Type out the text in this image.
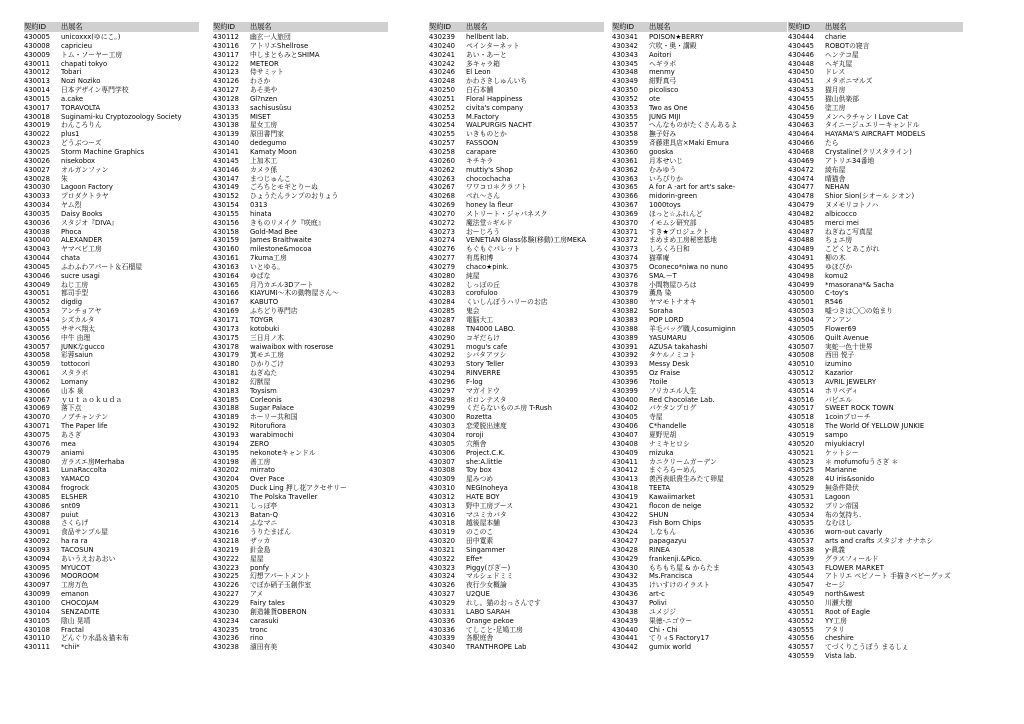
契約ID	出展名
430005	unicoxxx(ゆにこ。)
430008	capricieu
430009	トム・ソーヤー工房
430011	chapati tokyo
430012	Tobari
430013	Nozi Noziko
430014	日本デザイン専門学校
430015	a.cake
430017	TORAVOLTA
430018	Suginami-ku Cryptozoology Society
430019	わんころりん
430022	plus1
430023	どうぶつーズ
430025	Storm Machine Graphics
430026	nisekobox
430027	オルガンファン
430028	朱
430030	Lagoon Factory
430033	プロダクトラヤ
430034	ヤム烈
430035	Daisy Books
430036	スタジオ『DIVA』
430038	Phoca
430040	ALEXANDER
430043	ヤマベビ工房
430044	chata
430045	ふわふわアパート＆石榴屋
430046	sucre usagi
430049	ねじ工房
430051	都司手型
430052	digdig
430053	アンチョアヤ
430054	シズカルタ
430055	ササベ翔太
430056	中牛 由理
430057	JUNKなgucco
430058	彩蓉saiun
430059	tottocori
430061	スタラボ
430062	Lomany
430066	山本 泉
430067	ｙｕｔａｏｋｕｄａ
430069	落下点
430070	ノブチャンテン
430071	The Paper life
430075	あさぎ
430076	mea
430079	aniami
430080	ガラスエ房Merhaba
430081	LunaRaccolta
430083	YAMACO
430084	frogrock
430085	ELSHER
430086	snt09
430087	puiut
430088	さくらげ
430091	食品サンプル屋
430092	ha ra ra
430093	TACOSUN
430094	あいうえおあおい
430095	MYUCOT
430096	MOOROOM
430097	工房万色
430099	emanon
430100	CHOCOJAM
430104	SENZADITE
430105	陰山 晃靖
430108	Fractal
430110	どんぐり水晶＆猫未布
430111	*chii*
契約ID	出展名
430112	幽玄一人旅団
430116	アトリエShellrose
430117	中しまともみとSHIMA
430122	METEOR
430123	侍サミット
430126	わさか
430127	あそ美や
430128	Gl?nzen
430133	sachisusüsu
430135	MISET
430138	星女工房
430139	原田書門家
430140	dedegumo
430141	Kamaty Moon
430145	上加木工
430146	カメラ係
430147	まつじゅんこ
430149	ごろちとモギとりーぬ
430152	ひょうたんランプのおりょう
430154	0313
430155	hinata
430156	きものリメイク『咲庭』
430158	Gold-Mad Bee
430159	James Braithwaite
430160	milestone&mocoa
430161	7kuma工房
430163	いとゆる。
430164	ゆばな
430165	月乃カエル3Dアート
430166	KIAYUMI～木の動物屋さん～
430167	KABUTO
430169	ふちどり専門店
430171	TOYGR
430173	kotobuki
430175	三日月ノ木
430178	waiwaibox with roserose
430179	箕モエ工房
430180	ひかりごけ
430181	ねぎぬた
430182	幻獣屋
430183	Toysism
430185	Corleonis
430188	Sugar Palace
430189	ホーリー共和国
430192	Ritorufiora
430193	warabimochi
430194	ZERO
430195	nekonoteキャンドル
430198	善工房
430202	mirrato
430204	Over Pace
430205	Duck Ling 押し花アクセサリー
430210	The Polska Traveller
430211	しっぽ亭
430213	Batan-Q
430214	ふなマニ
430216	うりたまぱん
430218	ザッカ
430219	針金島
430222	星屋
430223	ponfy
430225	幻想アパートメント
430226	でぼか硝子玉創作室
430227	アメ
430229	Fairy tales
430230	創造雑貨OBERON
430234	carasuki
430235	tronc
430236	rino
430238	濱田有美
契約ID	出展名
430239	hellbent lab.
430240	ペインターネット
430241	あい・あーと
430242	多キャラ箱
430246	El Leon
430248	かわさきしゅんいち
430250	白石本舗
430251	Floral Happiness
430252	civita's company
430253	M.Factory
430254	WALPURGIS NACHT
430255	いきものとか
430257	FASSOON
430258	carapare
430260	キチキラ
430262	muttiy's Shop
430263	chocochacha
430267	ワワコロ＊クラフト
430268	ぺれ～さん
430269	honey la fleur
430270	ストリート・ジャパネスク
430272	魔法堂☆ギルド
430273	おーじろう
430274	VENETIAN Glass体験(移動)工房MEKA
430276	もぐもぐパレット
430277	有馬和博
430279	chaco★pink.
430280	純屋
430282	しっぽの丘
430283	corofuloo
430284	くいしんぼうハリーのお店
430285	鬼会
430287	電脳大工
430288	TN4000 LABO.
430290	コギだらけ
430291	mogu's cafe
430292	シバタアツシ
430293	Story Teller
430294	RINVERRE
430296	F-log
430297	マガイドウ
430298	ボロンテスタ
430299	くだらないものエ房 T-Rush
430300	Rozetta
430303	恋愛脱出速度
430304	roroji
430305	穴熊舎
430306	Project.C.K.
430307	she:A.little
430308	Toy box
430309	星みつめ
430310	NEGInoheya
430312	HATE BOY
430313	野中工房プース
430316	マユミカバタ
430318	越後屋本舗
430319	のこのこ
430320	田中寛素
430321	Singammer
430322	Effe*
430323	Piggy(ぴぎー)
430324	マルシェドミミ
430326	夜行少女概論
430327	U2QUE
430329	れし。猫のおっさんです
430331	LABO SARAH
430336	Orange pekoe
430336	てしこと-足鳩工房
430339	各駅庭舎
430340	TRANTHROPE Lab
契約ID	出展名
430341	POISON★BERRY
430342	穴吹・奥・講殿
430343	Aoitori
430345	ヘギラボ
430348	menmy
430349	紺野真弓
430350	picolisco
430352	ote
430353	Two as One
430355	JUNG MIJI
430357	へんなものがたくさんあるよ
430358	撫子好み
430359	斉藤建具店×Maki Emura
430360	gooska
430361	月本せいじ
430362	むみゆう
430363	いろぴりか
430365	A for A -art for art's sake-
430366	midorin-green
430367	1000toys
430369	ほっと☆ふれんど
430370	イモムシ研究部
430371	すき★プロジェクト
430372	まめまめ工房秘密基地
430373	しろくろ日和
430374	猫華庵
430375	Oconeco*niwa no nuno
430376	SMA.ーT
430378	小間物屋ひろは
430379	薫鳥 染
430380	ヤマモトナオキ
430382	Soraha
430383	POP LORD
430388	羊毛バッグ職人cosumiginn
430389	YASUMARU
430391	AZUSA takahashi
430392	タケルノミコト
430393	Messy Desk
430395	Oz Fraise
430396	?toile
430399	フリカエル人生
430400	Red Chocolate Lab.
430402	バケタンプログ
430405	寺屋
430406	C*handelle
430407	夏野児胡
430408	ナミキヒロシ
430409	mizuka
430411	カニクリームガーデン
430412	まぐろらーめん
430413	羨西表紙貴生みたて卵屋
430418	TEETA
430419	Kawaiimarket
430421	flocon de neige
430422	SHUN
430423	Fish Born Chips
430424	しなもん
430427	papagazyu
430428	RINEA
430429	frankenji.&Pico.
430430	もちもち屋 & からたま
430432	Ms.Francisca
430435	けいすけのイラスト
430436	art-c
430437	Polivi
430438	ユメジジ
430439	果徳-ニゴウー
430440	Chi・Chi
430441	てりィS Factory17
430442	gumix world
契約ID	出展名
430444	charie
430445	ROBOTの寝言
430446	ヘンテコ屋
430448	ヘギ丸屋
430450	ドレス
430451	メタボニマルズ
430453	猫月房
430455	猫山供楽部
430456	塗工房
430459	メンヘラチャン I Love Cat
430463	タイニージュエリーキャンドル
430464	HAYAMA'S AIRCRAFT MODELS
430466	たら
430468	Crystaline(クリスタライン)
430469	アトリエ34番地
430472	綾布屋
430474	晴猫舎
430477	NEHAN
430478	Shior Sion(シオール シオン)
430479	ヌメモリコトノハ
430482	albicocco
430485	merci mei
430487	ねぎねこ写真屋
430488	ちょエ房
430489	こどくとあこがれ
430491	柳の木
430495	ゆほびか
430498	komu2
430499	*masorana*& Sacha
430500	C-toy's
430501	R546
430503	嘘つきは〇〇の始まり
430504	アンアン
430505	Flower69
430506	Quilt Avenue
430507	実蛇一色十世界
430508	西田 悦子
430510	izumino
430512	Kazarior
430513	AVRIL JEWELRY
430514	ホリベディ
430516	バビエル
430517	SWEET ROCK TOWN
430518	1coinブローチ
430518	The World Of YELLOW JUNKIE
430519	sampo
430520	miyukiacryl
430521	ケットシー
430523	＊ mofumofuうさぎ ＊
430525	Marianne
430528	4U iris&sonido
430529	無条件降伏
430531	Lagoon
430532	ブリン帝国
430534	布の気持ち.
430535	なむほし
430536	worn-out cavarly
430537	arts and crafts スタジオ ナナホシ
430538	y-眞義
430539	グラスフィールド
430543	FLOWER MARKET
430544	アトリエ ベビノート 手描きベビーグッズ
430547	セージ
430549	north&west
430550	川瀬大樹
430551	Root of Eagle
430552	YY工房
430555	アタリ
430556	cheshire
430557	てづくりこうぼう まるしぇ
430559	Vista lab.
